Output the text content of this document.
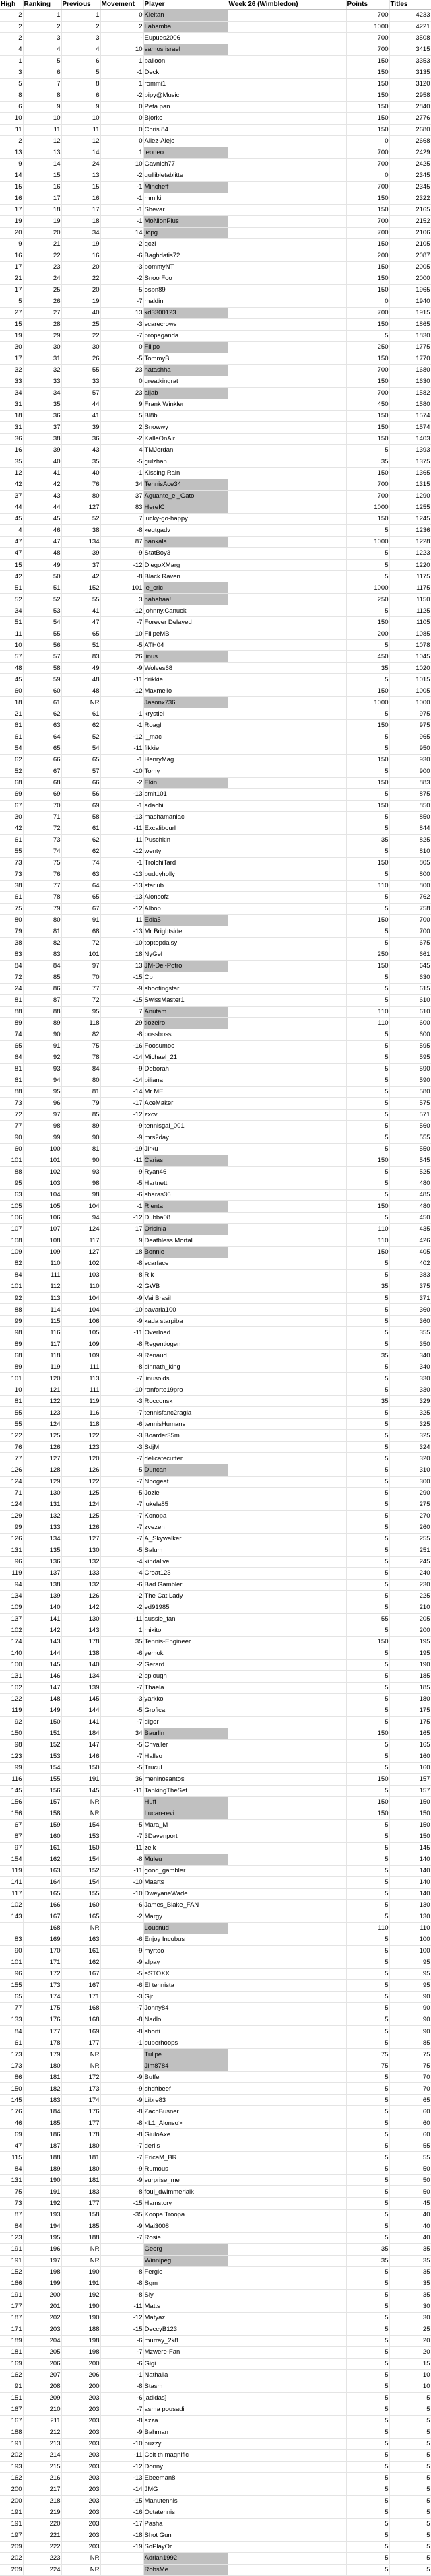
High	Ranking	Previous	Movement	Player	Week 26 (Wimbledon)	Points	Titles
2	1	1	0	Kleitan		700	4233
2	2	2	2	Labamba		1000	4221
2	3	3	-	Eupues2006		700	3508
4	4	4	10	samos israel		700	3415
1	5	6	1	balloon		150	3353
3	6	5	-1	Deck		150	3135
5	7	8	1	rommi1		150	3120
8	8	6	-2	bipy@Music		150	2958
6	9	9	0	Peta pan		150	2840
10	10	10	0	Bjorko		150	2776
11	11	11	0	Chris 84		150	2680
2	12	12	0	Allez-Alejo		0	2668
13	13	14	1	leoneo		700	2429
9	14	24	10	Gavnich77		700	2425
14	15	13	-2	gullibletablitte		0	2345
15	16	15	-1	Mincheff		700	2345
16	17	16	-1	mmiki		150	2322
17	18	17	-1	Shevar		150	2165
19	19	18	-1	MoNionPlus		700	2152
20	20	34	14	jicpg		700	2106
9	21	19	-2	qczi		150	2105
16	22	16	-6	Baghdatis72		200	2087
17	23	20	-3	pommyNT		150	2005
21	24	22	-2	Snoo Foo		150	2000
17	25	20	-5	osbn89		150	1965
5	26	19	-7	maldini		0	1940
27	27	40	13	kd3300123		700	1915
15	28	25	-3	scarecrows		150	1865
19	29	22	-7	propaganda		5	1830
30	30	30	0	Filipo		250	1775
17	31	26	-5	TommyB		150	1770
32	32	55	23	natashha		700	1680
33	33	33	0	greatkingrat		150	1630
34	34	57	23	aljab		700	1582
31	35	44	9	Frank Winkler		450	1580
18	36	41	5	Bl8b		150	1574
31	37	39	2	Snowwy		150	1574
36	38	36	-2	KalleOnAir		150	1403
16	39	43	4	TMJordan		5	1393
35	40	35	-5	gulzhan		35	1375
12	41	40	-1	Kissing Rain		150	1365
42	42	76	34	TennisAce34		700	1315
37	43	80	37	Aguante_el_Gato		700	1290
44	44	127	83	HereIC		1000	1255
45	45	52	7	lucky-go-happy		150	1245
4	46	38	-8	kegtgadv		5	1236
47	47	134	87	pankala		1000	1228
47	48	39	-9	StatBoy3		5	1223
15	49	37	-12	DiegoXMarg		5	1220
42	50	42	-8	Black Raven		5	1175
51	51	152	101	le_cric		1000	1175
52	52	55	3	hahahaa!		250	1150
34	53	41	-12	johnny.Canuck		5	1125
51	54	47	-7	Forever Delayed		150	1105
11	55	65	10	FilipeMB		200	1085
10	56	51	-5	ATH04		5	1078
57	57	83	26	linus		450	1045
48	58	49	-9	Wolves68		35	1020
45	59	48	-11	drikkie		5	1015
60	60	48	-12	Maxmello		150	1005
18	61	NR		Jasonx736		1000	1000
21	62	61	-1	krystlel		5	975
61	63	62	-1	Roagl		150	975
61	64	52	-12	i_mac		5	965
54	65	54	-11	fikkie		5	950
62	66	65	-1	HenryMag		150	930
52	67	57	-10	Tomy		5	900
68	68	66	-2	Ekin		150	883
69	69	56	-13	smit101		5	875
67	70	69	-1	adachi		150	850
30	71	58	-13	mashamaniac		5	850
42	72	61	-11	Excalibourl		5	844
61	73	62	-11	Puschkin		35	825
55	74	62	-12	wenty		5	810
73	75	74	-1	TrolchiTard		150	805
73	76	63	-13	buddyholly		5	800
38	77	64	-13	starlub		110	800
61	78	65	-13	Alonsofz		5	762
75	79	67	-12	Albop		5	758
80	80	91	11	Edia5		150	700
79	81	68	-13	Mr Brightside		5	700
38	82	72	-10	toptopdaisy		5	675
83	83	101	18	NyGel		250	661
84	84	97	13	JM-Del-Potro		150	645
72	85	70	-15	Cb		5	630
24	86	77	-9	shootingstar		5	615
81	87	72	-15	SwissMaster1		5	610
88	88	95	7	Anutam		110	610
89	89	118	29	tiozeiro		110	600
74	90	82	-8	bossboss		5	600
65	91	75	-16	Foosumoo		5	595
64	92	78	-14	Michael_21		5	595
81	93	84	-9	Deborah		5	590
61	94	80	-14	biliana		5	590
88	95	81	-14	Mr ME		5	580
73	96	79	-17	AceMaker		5	575
72	97	85	-12	zxcv		5	571
77	98	89	-9	tennisgal_001		5	560
90	99	90	-9	mrs2day		5	555
60	100	81	-19	Jirku		5	550
101	101	90	-11	Carias		150	545
88	102	93	-9	Ryan46		5	525
95	103	98	-5	Hartnett		5	480
63	104	98	-6	sharas36		5	485
105	105	104	-1	Rienta		150	480
106	106	94	-12	Dubba08		5	450
107	107	124	17	Orisinia		110	435
108	108	117	9	Deathless Mortal		110	426
109	109	127	18	Bonnie		150	405
82	110	102	-8	scarface		5	402
84	111	103	-8	Rik		5	383
101	112	110	-2	GWB		35	375
92	113	104	-9	Vai Brasil		5	371
88	114	104	-10	bavaria100		5	360
99	115	106	-9	kada starpiba		5	360
98	116	105	-11	Overload		5	355
89	117	109	-8	Regentiogen		5	350
68	118	109	-9	Renaud		35	340
89	119	111	-8	sinnath_king		5	340
101	120	113	-7	linusoids		5	330
10	121	111	-10	ronforte19pro		5	330
81	122	119	-3	Rocconsk		35	329
55	123	116	-7	tennisfanc2ragia		5	325
55	124	118	-6	tennisHumans		5	325
122	125	122	-3	Boarder35m		5	325
76	126	123	-3	SdjM		5	324
77	127	120	-7	delicatecutter		5	320
126	128	126	-5	Duncan		5	310
124	129	122	-7	Nbogeat		5	300
71	130	125	-5	Jozie		5	290
124	131	124	-7	lukela85		5	275
129	132	125	-7	Konopa		5	270
99	133	126	-7	zvezen		5	260
126	134	127	-7	A_Skywalker		5	255
131	135	130	-5	Salum		5	251
96	136	132	-4	kindalive		5	245
119	137	133	-4	Croat123		5	240
94	138	132	-6	Bad Gambler		5	230
134	139	126	-2	The Cat Lady		5	225
109	140	142	-2	ed91985		5	210
137	141	130	-11	aussie_fan		55	205
102	142	143	1	mikito		5	200
174	143	178	35	Tennis-Engineer		150	195
140	144	138	-6	yemok		5	195
100	145	140	-2	Gerard		5	190
131	146	134	-2	splough		5	185
102	147	139	-7	Thaela		5	185
122	148	145	-3	yarkko		5	180
119	149	144	-5	Grofica		5	175
92	150	141	-7	digor		5	175
150	151	184	34	Baurlin		150	165
98	152	147	-5	Chvaller		5	165
123	153	146	-7	Hallso		5	160
99	154	150	-5	Trucul		5	160
116	155	191	36	meninosantos		150	157
145	156	145	-11	TankingTheSet		5	157
156	157	NR		Huff		150	150
156	158	NR		Lucan-revi		150	150
67	159	154	-5	Mara_M		5	150
87	160	153	-7	3Davenport		5	150
97	161	150	-11	zelk		5	145
154	162	154	-8	Muleu		5	140
119	163	152	-11	good_gambler		5	140
141	164	154	-10	Maarts		5	140
117	165	155	-10	DweyaneWade		5	140
102	166	160	-6	James_Blake_FAN		5	130
143	167	165	-2	Margy		5	130
	168	NR		Lousnud		110	110
83	169	163	-6	Enjoy Incubus		5	100
90	170	161	-9	myrtoo		5	100
101	171	162	-9	alpay		5	95
96	172	167	-5	eSTOXX		5	95
155	173	167	-6	El tennista		5	95
65	174	171	-3	Gjr		5	90
77	175	168	-7	Jonny84		5	90
133	176	168	-8	Nadlo		5	90
84	177	169	-8	shorti		5	90
61	178	177	-1	superhoops		5	85
173	179	NR		Tulipe		75	75
173	180	NR		Jim8784		75	75
86	181	172	-9	Buffel		5	70
150	182	173	-9	shdftbeef		5	70
145	183	174	-9	Libre83		5	65
176	184	176	-8	ZachBusner		5	60
46	185	177	-8	<L1_Alonso>		5	60
69	186	178	-8	GiuloAxe		5	60
47	187	180	-7	derlis		5	55
115	188	181	-7	EricaM_BR		5	55
84	189	180	-9	Rumous		5	50
131	190	181	-9	surprise_me		5	50
75	191	183	-8	foul_dwimmerlaik		5	50
73	192	177	-15	Hamstory		5	45
87	193	158	-35	Koopa Troopa		5	40
84	194	185	-9	Mai3008		5	40
123	195	188	-7	Rosie		5	40
191	196	NR		Georg		35	35
191	197	NR		Winnipeg		35	35
152	198	190	-8	Fergie		5	35
166	199	191	-8	Sgm		5	35
191	200	192	-8	Sly		5	35
177	201	190	-11	Matts		5	30
187	202	190	-12	Matyaz		5	30
171	203	188	-15	DeccyB123		5	25
189	204	198	-6	murray_2k8		5	20
181	205	198	-7	Mzwere-Fan		5	20
169	206	200	-6	Gigi		5	15
162	207	206	-1	Nathalia		5	10
91	208	200	-8	Stasm		5	10
151	209	203	-6	jadidas]		5	5
167	210	203	-7	asma pousadi		5	5
167	211	203	-8	azza		5	5
188	212	203	-9	Bahman		5	5
191	213	203	-10	buzzy		5	5
202	214	203	-11	Colt th magnific		5	5
193	215	203	-12	Donny		5	5
162	216	203	-13	Ebeeman8		5	5
200	217	203	-14	JMG		5	5
200	218	203	-15	Manutennis		5	5
191	219	203	-16	Octatennis		5	5
191	220	203	-17	Pasha		5	5
197	221	203	-18	Shot Gun		5	5
209	222	203	-19	SoPlayOr		5	5
202	223	NR		Adrian1992		5	5
209	224	NR		RobsMe		5	5
